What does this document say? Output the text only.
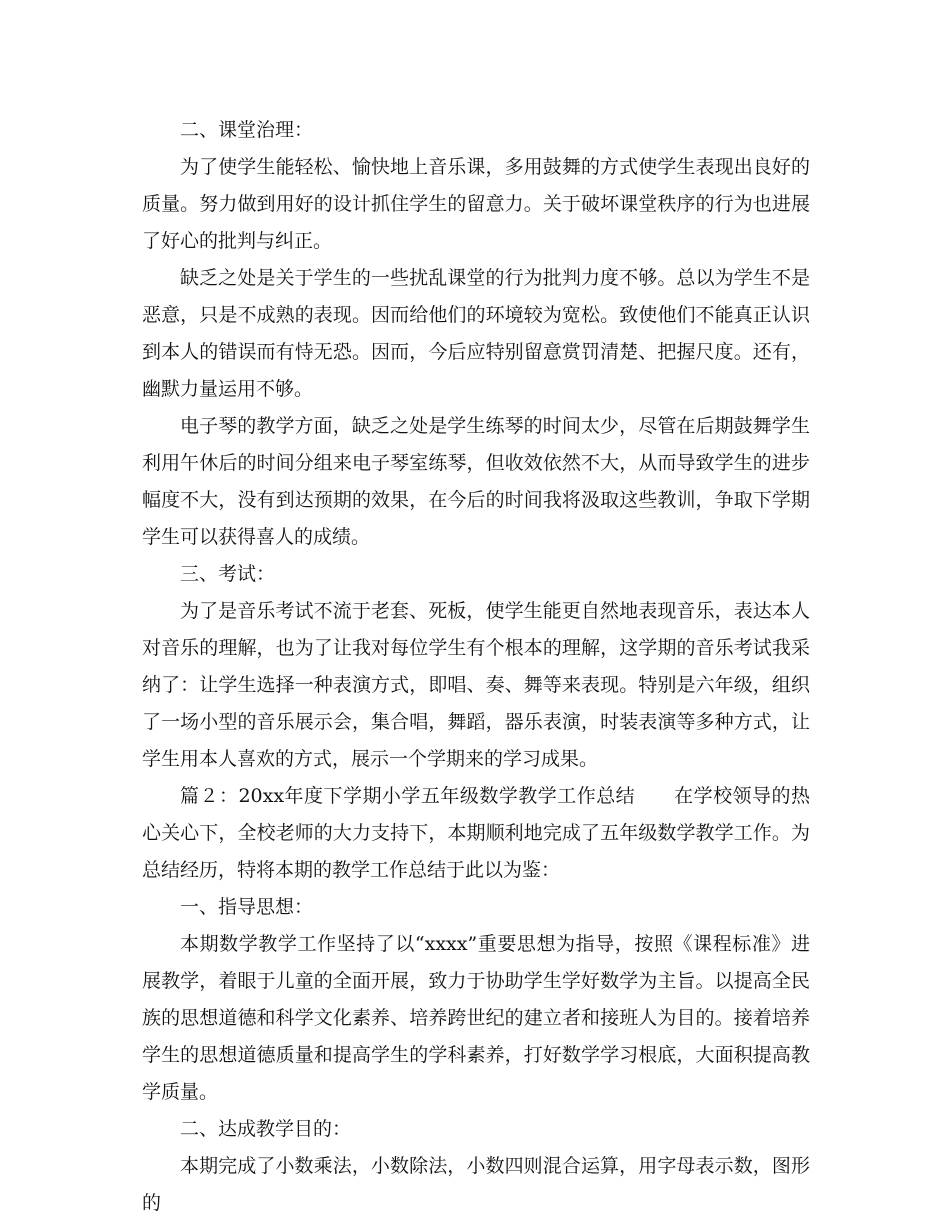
二、课堂治理：

为了使学生能轻松、愉快地上音乐课，多用鼓舞的方式使学生表现出良好的质量。努力做到用好的设计抓住学生的留意力。关于破坏课堂秩序的行为也进展了好心的批判与纠正。

缺乏之处是关于学生的一些扰乱课堂的行为批判力度不够。总以为学生不是恶意，只是不成熟的表现。因而给他们的环境较为宽松。致使他们不能真正认识到本人的错误而有恃无恐。因而，今后应特别留意赏罚清楚、把握尺度。还有，幽默力量运用不够。

电子琴的教学方面，缺乏之处是学生练琴的时间太少，尽管在后期鼓舞学生利用午休后的时间分组来电子琴室练琴，但收效依然不大，从而导致学生的进步幅度不大，没有到达预期的效果，在今后的时间我将汲取这些教训，争取下学期学生可以获得喜人的成绩。

三、考试：

为了是音乐考试不流于老套、死板，使学生能更自然地表现音乐，表达本人对音乐的理解，也为了让我对每位学生有个根本的理解，这学期的音乐考试我采纳了：让学生选择一种表演方式，即唱、奏、舞等来表现。特别是六年级，组织了一场小型的音乐展示会，集合唱，舞蹈，器乐表演，时装表演等多种方式，让学生用本人喜欢的方式，展示一个学期来的学习成果。

篇２：20xx年度下学期小学五年级数学教学工作总结　　在学校领导的热心关心下，全校老师的大力支持下，本期顺利地完成了五年级数学教学工作。为总结经历，特将本期的教学工作总结于此以为鉴：

一、指导思想：

本期数学教学工作坚持了以“xxxx”重要思想为指导，按照《课程标准》进展教学，着眼于儿童的全面开展，致力于协助学生学好数学为主旨。以提高全民族的思想道德和科学文化素养、培养跨世纪的建立者和接班人为目的。接着培养学生的思想道德质量和提高学生的学科素养，打好数学学习根底，大面积提高教学质量。

二、达成教学目的：

本期完成了小数乘法，小数除法，小数四则混合运算，用字母表示数，图形的
